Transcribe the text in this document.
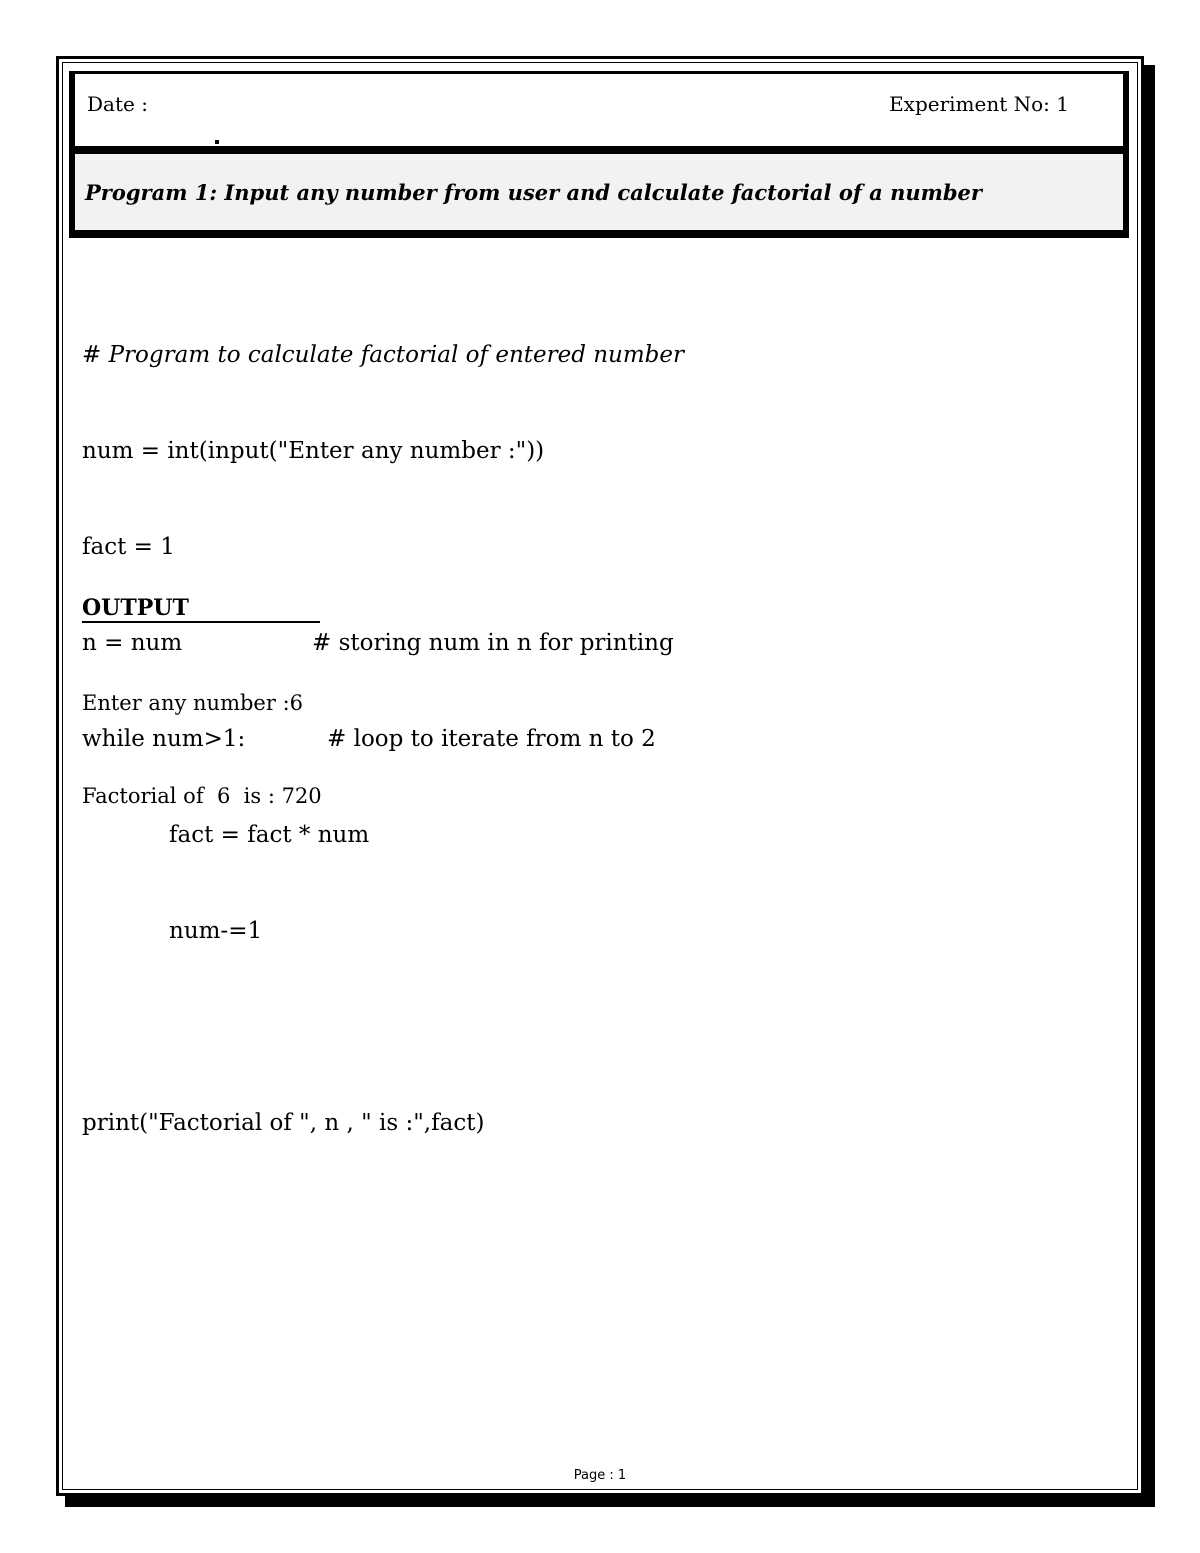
Date :	Experiment No: 1
Program 1: Input any number from user and calculate factorial of a number

# Program to calculate factorial of entered number

num = int(input("Enter any number :"))

fact = 1

n = num	# storing num in n for printing

while num>1:	# loop to iterate from n to 2

fact = fact * num

num-=1

print("Factorial of ", n , " is :",fact)

OUTPUT

Enter any number :6

Factorial of  6  is : 720

Page : 1
